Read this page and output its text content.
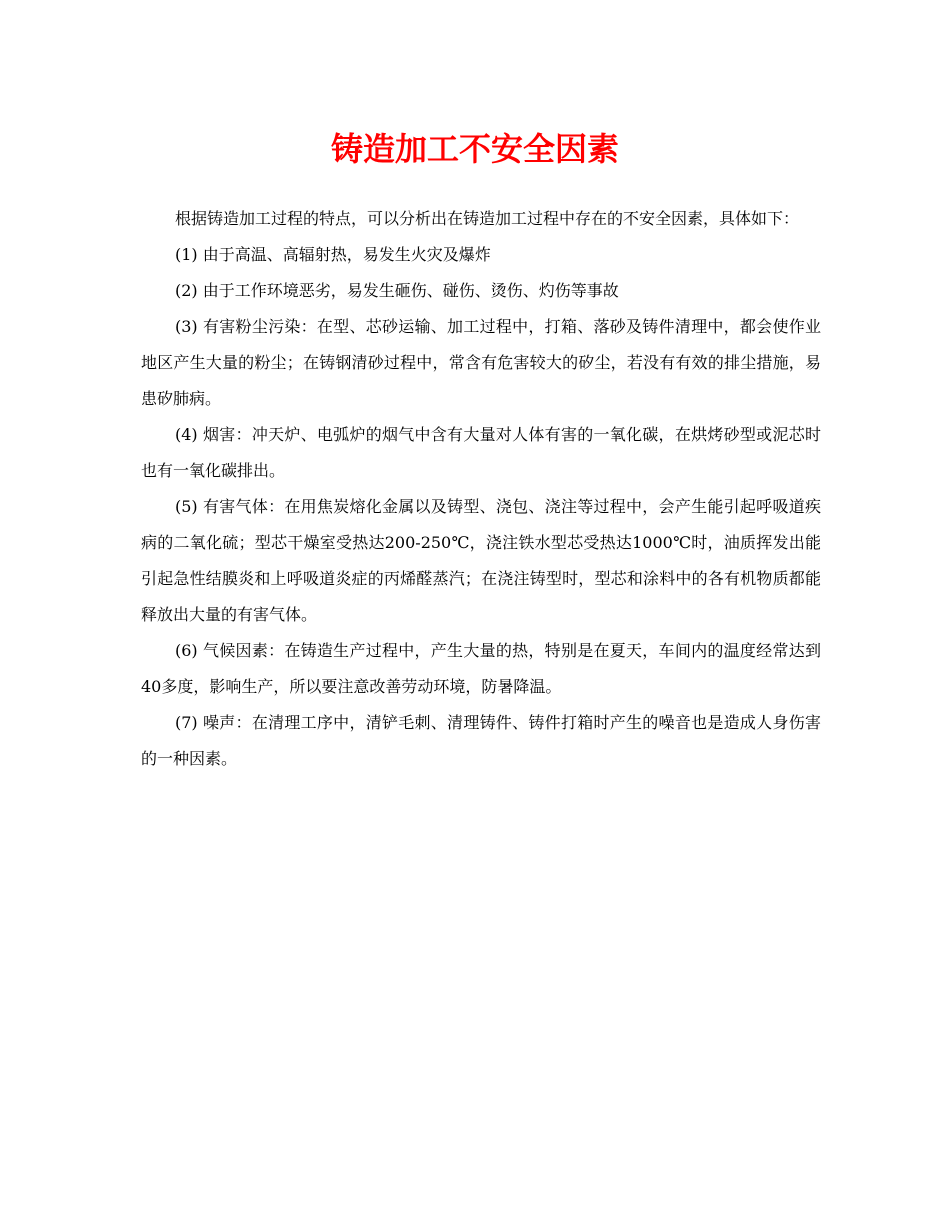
铸造加工不安全因素

根据铸造加工过程的特点，可以分析出在铸造加工过程中存在的不安全因素，具体如下：

(1) 由于高温、高辐射热，易发生火灾及爆炸

(2) 由于工作环境恶劣，易发生砸伤、碰伤、烫伤、灼伤等事故

(3) 有害粉尘污染：在型、芯砂运输、加工过程中，打箱、落砂及铸件清理中，都会使作业地区产生大量的粉尘；在铸钢清砂过程中，常含有危害较大的矽尘，若没有有效的排尘措施，易患矽肺病。

(4) 烟害：冲天炉、电弧炉的烟气中含有大量对人体有害的一氧化碳，在烘烤砂型或泥芯时也有一氧化碳排出。

(5) 有害气体：在用焦炭熔化金属以及铸型、浇包、浇注等过程中，会产生能引起呼吸道疾病的二氧化硫；型芯干燥室受热达200-250℃，浇注铁水型芯受热达1000℃时，油质挥发出能引起急性结膜炎和上呼吸道炎症的丙烯醛蒸汽；在浇注铸型时，型芯和涂料中的各有机物质都能释放出大量的有害气体。

(6) 气候因素：在铸造生产过程中，产生大量的热，特别是在夏天，车间内的温度经常达到40多度，影响生产，所以要注意改善劳动环境，防暑降温。

(7) 噪声：在清理工序中，清铲毛刺、清理铸件、铸件打箱时产生的噪音也是造成人身伤害的一种因素。
